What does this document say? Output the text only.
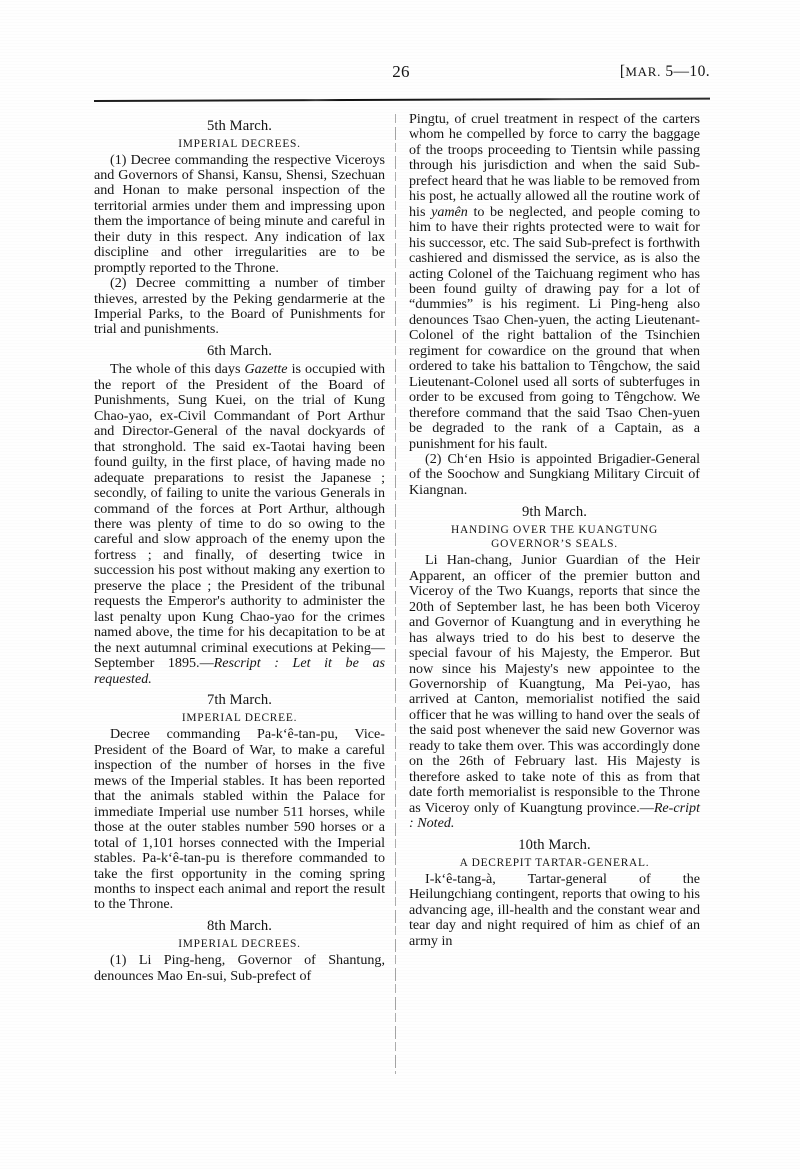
26	[MAR. 5—10.
5th March.
IMPERIAL DECREES.

(1) Decree commanding the respective Viceroys and Governors of Shansi, Kansu, Shensi, Szechuan and Honan to make personal inspection of the territorial armies under them and impressing upon them the importance of being minute and careful in their duty in this respect. Any indication of lax discipline and other irregularities are to be promptly reported to the Throne.

(2) Decree committing a number of timber thieves, arrested by the Peking gendarmerie at the Imperial Parks, to the Board of Punishments for trial and punishments.

6th March.

The whole of this days Gazette is occupied with the report of the President of the Board of Punishments, Sung Kuei, on the trial of Kung Chao-yao, ex-Civil Commandant of Port Arthur and Director-General of the naval dockyards of that stronghold. The said ex-Taotai having been found guilty, in the first place, of having made no adequate preparations to resist the Japanese ; secondly, of failing to unite the various Generals in command of the forces at Port Arthur, although there was plenty of time to do so owing to the careful and slow approach of the enemy upon the fortress ; and finally, of deserting twice in succession his post without making any exertion to preserve the place ; the President of the tribunal requests the Emperor's authority to administer the last penalty upon Kung Chao-yao for the crimes named above, the time for his decapitation to be at the next autumnal criminal executions at Peking—September 1895.—Rescript : Let it be as requested.

7th March.
IMPERIAL DECREE.

Decree commanding Pa-k‘ê-tan-pu, Vice-President of the Board of War, to make a careful inspection of the number of horses in the five mews of the Imperial stables. It has been reported that the animals stabled within the Palace for immediate Imperial use number 511 horses, while those at the outer stables number 590 horses or a total of 1,101 horses connected with the Imperial stables. Pa-k‘ê-tan-pu is therefore commanded to take the first opportunity in the coming spring months to inspect each animal and report the result to the Throne.

8th March.
IMPERIAL DECREES.

(1) Li Ping-heng, Governor of Shantung, denounces Mao En-sui, Sub-prefect of

Pingtu, of cruel treatment in respect of the carters whom he compelled by force to carry the baggage of the troops proceeding to Tientsin while passing through his jurisdiction and when the said Sub-prefect heard that he was liable to be removed from his post, he actually allowed all the routine work of his yamên to be neglected, and people coming to him to have their rights protected were to wait for his successor, etc. The said Sub-prefect is forthwith cashiered and dismissed the service, as is also the acting Colonel of the Taichuang regiment who has been found guilty of drawing pay for a lot of “dummies” is his regiment. Li Ping-heng also denounces Tsao Chen-yuen, the acting Lieutenant-Colonel of the right battalion of the Tsinchien regiment for cowardice on the ground that when ordered to take his battalion to Têngchow, the said Lieutenant-Colonel used all sorts of subterfuges in order to be excused from going to Têngchow. We therefore command that the said Tsao Chen-yuen be degraded to the rank of a Captain, as a punishment for his fault.

(2) Ch‘en Hsio is appointed Brigadier-General of the Soochow and Sungkiang Military Circuit of Kiangnan.

9th March.
HANDING OVER THE KUANGTUNG GOVERNOR’S SEALS.

Li Han-chang, Junior Guardian of the Heir Apparent, an officer of the premier button and Viceroy of the Two Kuangs, reports that since the 20th of September last, he has been both Viceroy and Governor of Kuangtung and in everything he has always tried to do his best to deserve the special favour of his Majesty, the Emperor. But now since his Majesty's new appointee to the Governorship of Kuangtung, Ma Pei-yao, has arrived at Canton, memorialist notified the said officer that he was willing to hand over the seals of the said post whenever the said new Governor was ready to take them over. This was accordingly done on the 26th of February last. His Majesty is therefore asked to take note of this as from that date forth memorialist is responsible to the Throne as Viceroy only of Kuangtung province.—Re-cript : Noted.

10th March.
A DECREPIT TARTAR-GENERAL.

I-k‘ê-tang-à, Tartar-general of the Heilungchiang contingent, reports that owing to his advancing age, ill-health and the constant wear and tear day and night required of him as chief of an army in
